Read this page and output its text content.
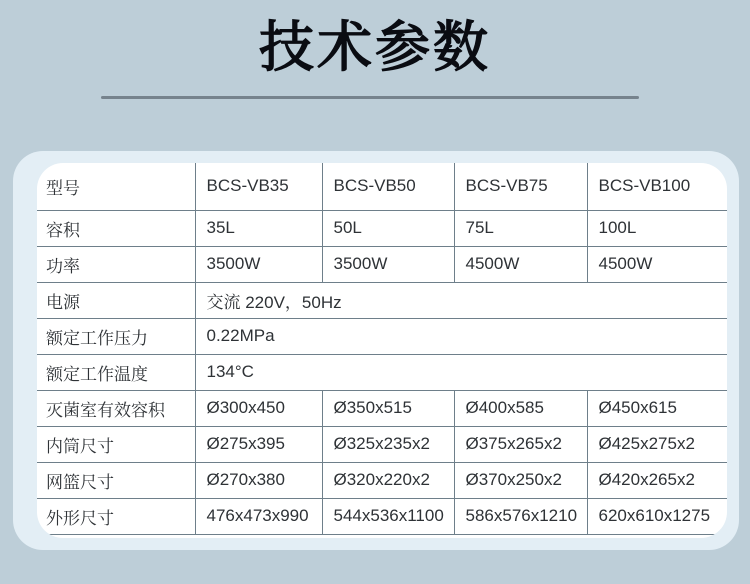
技术参数
型号	BCS-VB35	BCS-VB50	BCS-VB75	BCS-VB100
容积	35L	50L	75L	100L
功率	3500W	3500W	4500W	4500W
电源	交流 220V，50Hz			
额定工作压力	0.22MPa			
额定工作温度	134°C			
灭菌室有效容积	Ø300x450	Ø350x515	Ø400x585	Ø450x615
内筒尺寸	Ø275x395	Ø325x235x2	Ø375x265x2	Ø425x275x2
网篮尺寸	Ø270x380	Ø320x220x2	Ø370x250x2	Ø420x265x2
外形尺寸	476x473x990	544x536x1100	586x576x1210	620x610x1275
